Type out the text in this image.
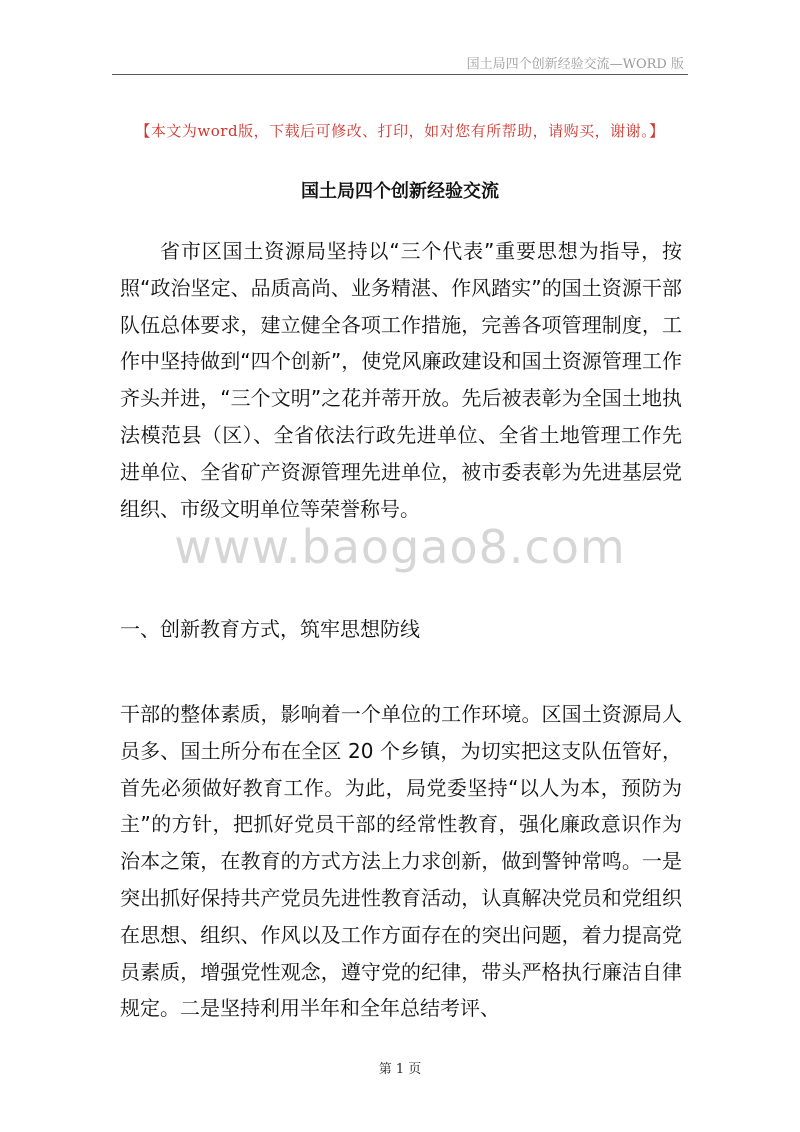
国土局四个创新经验交流—WORD 版
【本文为word版，下载后可修改、打印，如对您有所帮助，请购买，谢谢。】
国土局四个创新经验交流

省市区国土资源局坚持以“三个代表”重要思想为指导，按照“政治坚定、品质高尚、业务精湛、作风踏实”的国土资源干部队伍总体要求，建立健全各项工作措施，完善各项管理制度，工作中坚持做到“四个创新”，使党风廉政建设和国土资源管理工作齐头并进，“三个文明”之花并蒂开放。先后被表彰为全国土地执法模范县（区）、全省依法行政先进单位、全省土地管理工作先进单位、全省矿产资源管理先进单位，被市委表彰为先进基层党组织、市级文明单位等荣誉称号。

www.baogao8.com

一、创新教育方式，筑牢思想防线

干部的整体素质，影响着一个单位的工作环境。区国土资源局人员多、国土所分布在全区 20 个乡镇，为切实把这支队伍管好，首先必须做好教育工作。为此，局党委坚持“以人为本，预防为主”的方针，把抓好党员干部的经常性教育，强化廉政意识作为治本之策，在教育的方式方法上力求创新，做到警钟常鸣。一是突出抓好保持共产党员先进性教育活动，认真解决党员和党组织在思想、组织、作风以及工作方面存在的突出问题，着力提高党员素质，增强党性观念，遵守党的纪律，带头严格执行廉洁自律规定。二是坚持利用半年和全年总结考评、

第 1 页
